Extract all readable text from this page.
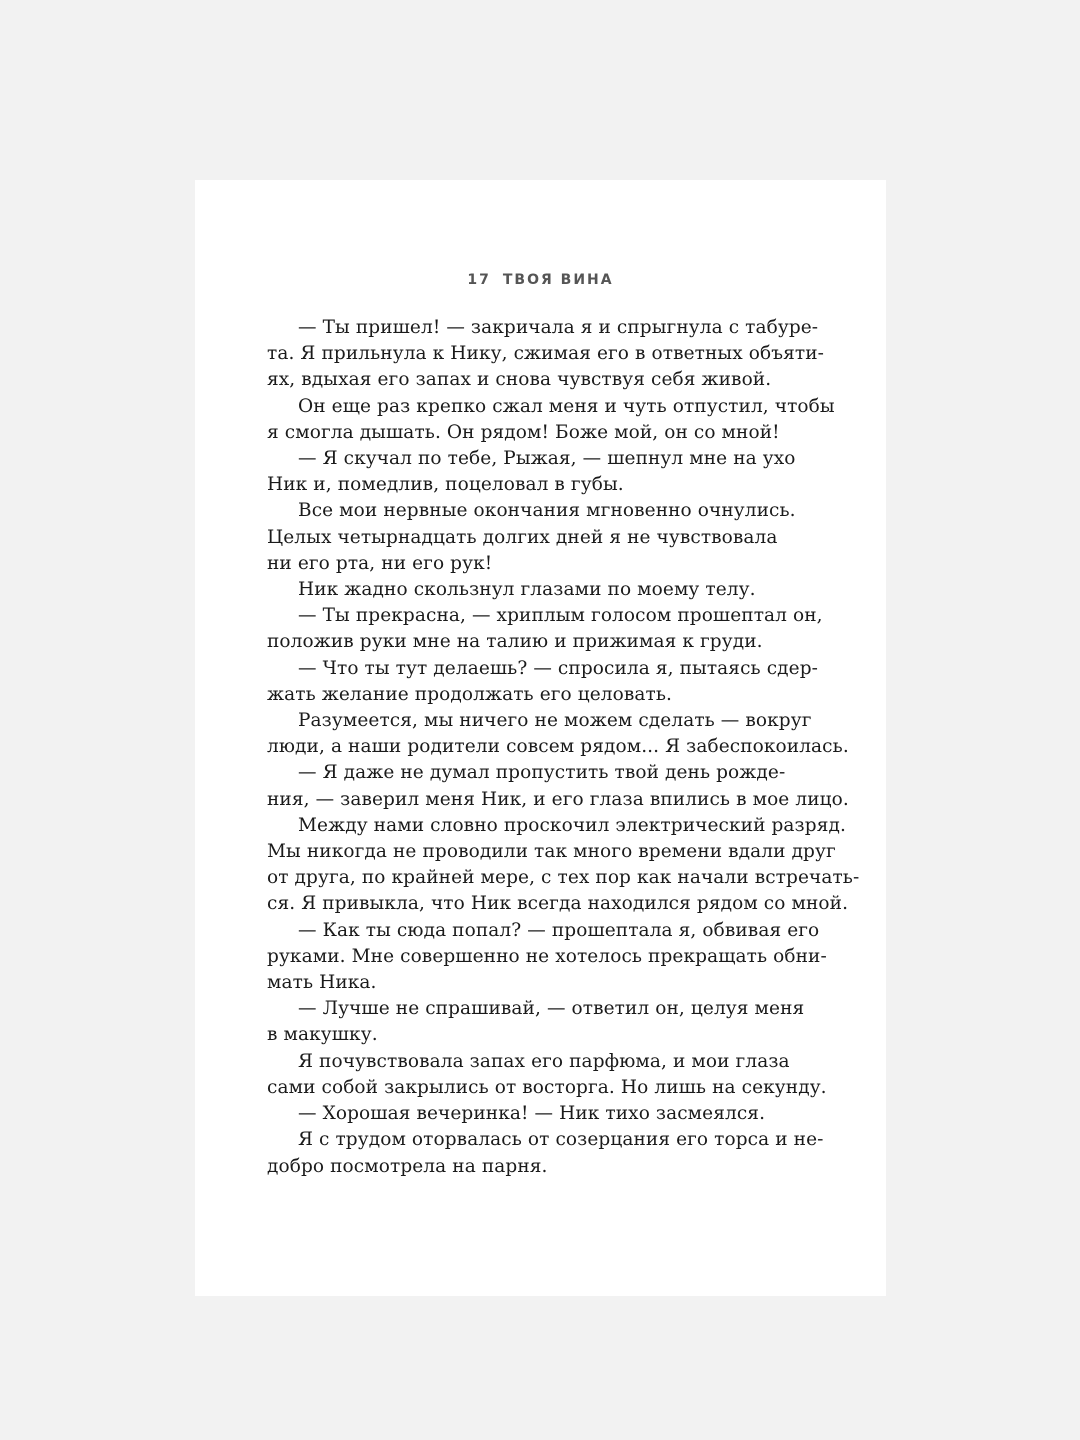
17 ТВОЯ ВИНА
— Ты пришел! — закричала я и спрыгнула с табуре-
та. Я прильнула к Нику, сжимая его в ответных объяти-
ях, вдыхая его запах и снова чувствуя себя живой.
Он еще раз крепко сжал меня и чуть отпустил, чтобы
я смогла дышать. Он рядом! Боже мой, он со мной!
— Я скучал по тебе, Рыжая, — шепнул мне на ухо
Ник и, помедлив, поцеловал в губы.
Все мои нервные окончания мгновенно очнулись.
Целых четырнадцать долгих дней я не чувствовала
ни его рта, ни его рук!
Ник жадно скользнул глазами по моему телу.
— Ты прекрасна, — хриплым голосом прошептал он,
положив руки мне на талию и прижимая к груди.
— Что ты тут делаешь? — спросила я, пытаясь сдер-
жать желание продолжать его целовать.
Разумеется, мы ничего не можем сделать — вокруг
люди, а наши родители совсем рядом... Я забеспокоилась.
— Я даже не думал пропустить твой день рожде-
ния, — заверил меня Ник, и его глаза впились в мое лицо.
Между нами словно проскочил электрический разряд.
Мы никогда не проводили так много времени вдали друг
от друга, по крайней мере, с тех пор как начали встречать-
ся. Я привыкла, что Ник всегда находился рядом со мной.
— Как ты сюда попал? — прошептала я, обвивая его
руками. Мне совершенно не хотелось прекращать обни-
мать Ника.
— Лучше не спрашивай, — ответил он, целуя меня
в макушку.
Я почувствовала запах его парфюма, и мои глаза
сами собой закрылись от восторга. Но лишь на секунду.
— Хорошая вечеринка! — Ник тихо засмеялся.
Я с трудом оторвалась от созерцания его торса и не-
добро посмотрела на парня.
